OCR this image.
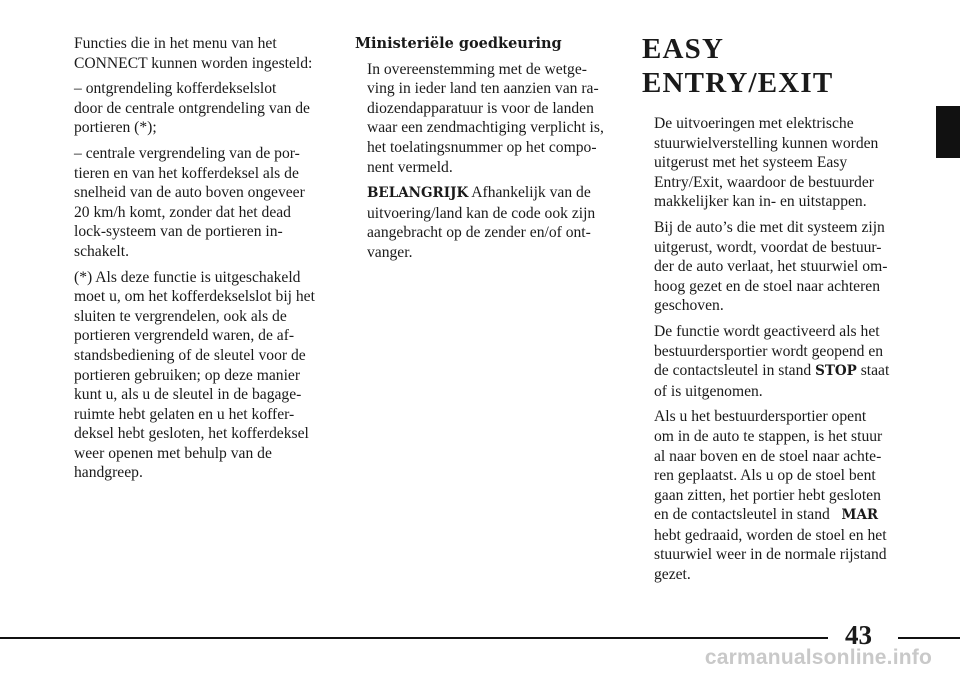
Functies die in het menu van het
CONNECT kunnen worden ingesteld:

– ontgrendeling kofferdekselslot
door de centrale ontgrendeling van de
portieren (*);

– centrale vergrendeling van de por-
tieren en van het kofferdeksel als de
snelheid van de auto boven ongeveer
20 km/h komt, zonder dat het dead
lock-systeem van de portieren in-
schakelt.

(*) Als deze functie is uitgeschakeld
moet u, om het kofferdekselslot bij het
sluiten te vergrendelen, ook als de
portieren vergrendeld waren, de af-
standsbediening of de sleutel voor de
portieren gebruiken; op deze manier
kunt u, als u de sleutel in de bagage-
ruimte hebt gelaten en u het koffer-
deksel hebt gesloten, het kofferdeksel
weer openen met behulp van de
handgreep.

Ministeriële goedkeuring

In overeenstemming met de wetge-
ving in ieder land ten aanzien van ra-
diozendapparatuur is voor de landen
waar een zendmachtiging verplicht is,
het toelatingsnummer op het compo-
nent vermeld.

BELANGRIJK Afhankelijk van de
uitvoering/land kan de code ook zijn
aangebracht op de zender en/of ont-
vanger.

EASY ENTRY/EXIT

De uitvoeringen met elektrische
stuurwielverstelling kunnen worden
uitgerust met het systeem Easy
Entry/Exit, waardoor de bestuurder
makkelijker kan in- en uitstappen.

Bij de auto’s die met dit systeem zijn
uitgerust, wordt, voordat de bestuur-
der de auto verlaat, het stuurwiel om-
hoog gezet en de stoel naar achteren
geschoven.

De functie wordt geactiveerd als het
bestuurdersportier wordt geopend en
de contactsleutel in stand STOP staat
of is uitgenomen.

Als u het bestuurdersportier opent
om in de auto te stappen, is het stuur
al naar boven en de stoel naar achte-
ren geplaatst. Als u op de stoel bent
gaan zitten, het portier hebt gesloten
en de contactsleutel in stand MAR
hebt gedraaid, worden de stoel en het
stuurwiel weer in de normale rijstand
gezet.

43
carmanualsonline.info
